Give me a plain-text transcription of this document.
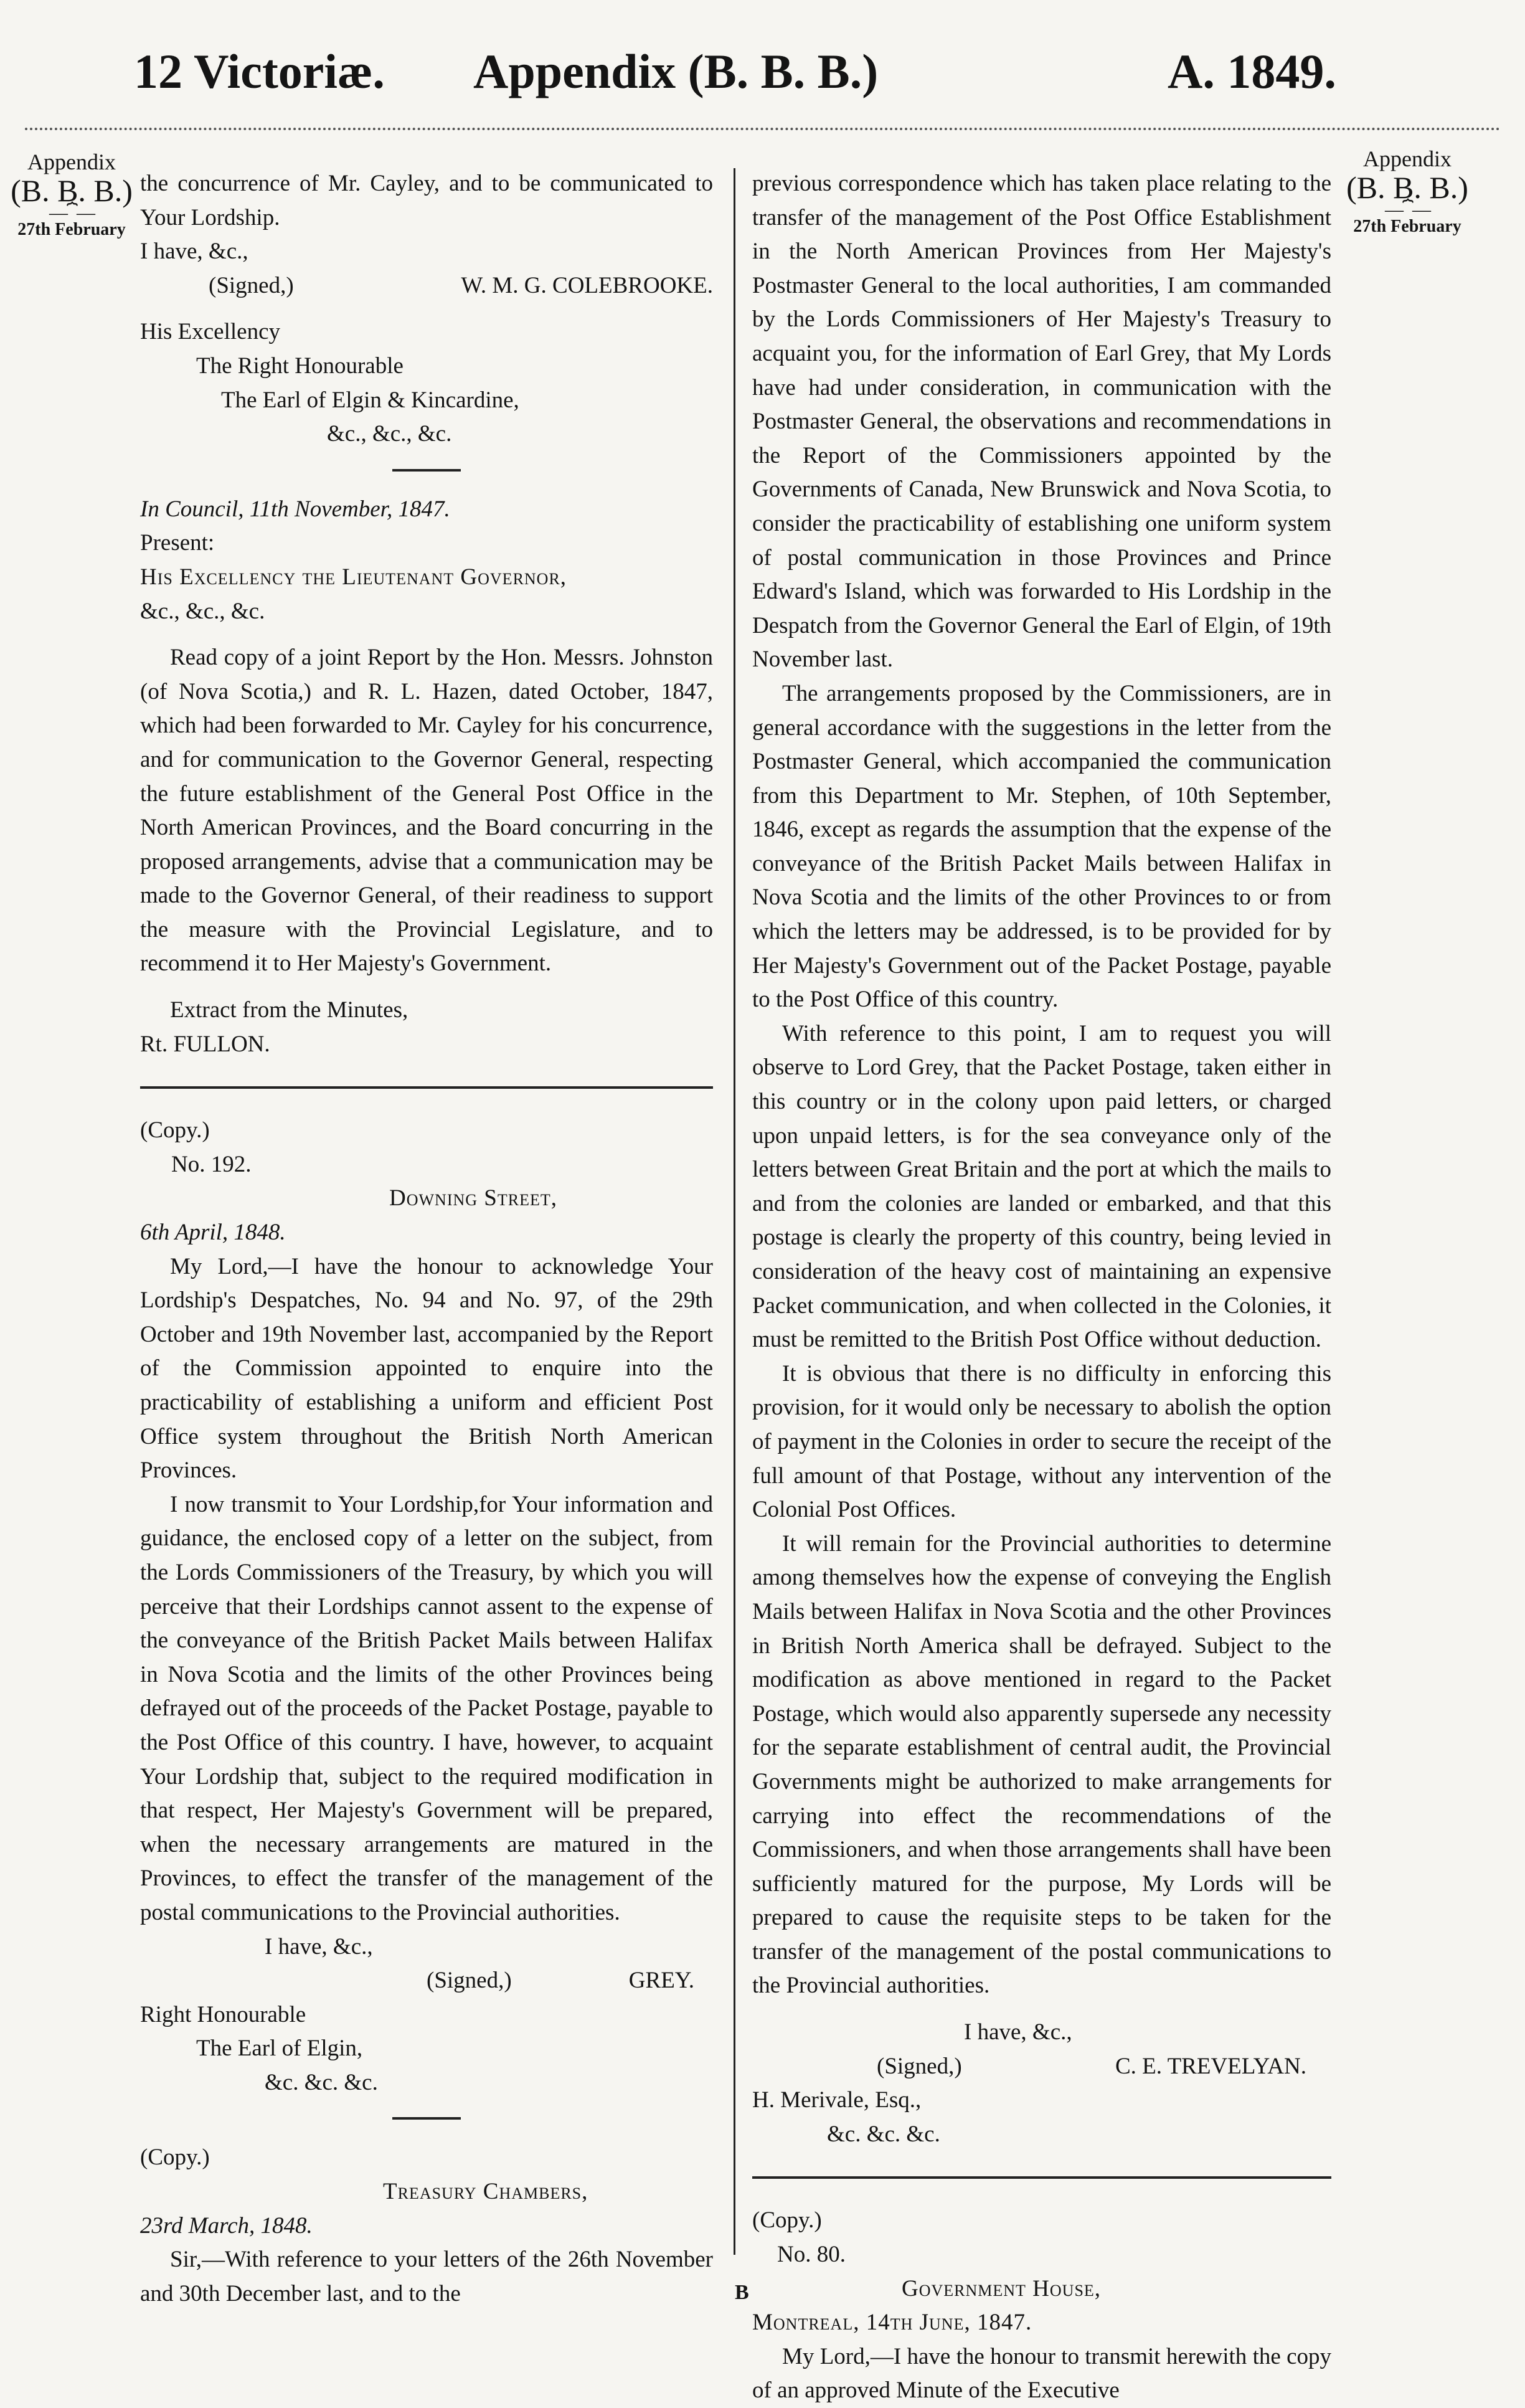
12 Victoriæ. Appendix (B. B. B.)	A. 1849.
Appendix
(B. B. B.)
—⏞—
27th February
Appendix
(B. B. B.)
—⏞—
27th February

the concurrence of Mr. Cayley, and to be communicated to Your Lordship.

I have, &c.,

(Signed,)	W. M. G. COLEBROOKE.

His Excellency

The Right Honourable

The Earl of Elgin & Kincardine,

&c., &c., &c.

In Council, 11th November, 1847.

Present:

His Excellency the Lieutenant Governor,

&c., &c., &c.

Read copy of a joint Report by the Hon. Messrs. Johnston (of Nova Scotia,) and R. L. Hazen, dated October, 1847, which had been forwarded to Mr. Cayley for his concurrence, and for communication to the Governor General, respecting the future establishment of the General Post Office in the North American Provinces, and the Board concurring in the proposed arrangements, advise that a communication may be made to the Governor General, of their readiness to support the measure with the Provincial Legislature, and to recommend it to Her Majesty's Government.

Extract from the Minutes,

Rt. FULLON.

(Copy.)

No. 192.

Downing Street,

6th April, 1848.

My Lord,—I have the honour to acknowledge Your Lordship's Despatches, No. 94 and No. 97, of the 29th October and 19th November last, accompanied by the Report of the Commission appointed to enquire into the practicability of establishing a uniform and efficient Post Office system throughout the British North American Provinces.

I now transmit to Your Lordship,for Your information and guidance, the enclosed copy of a letter on the subject, from the Lords Commissioners of the Treasury, by which you will perceive that their Lordships cannot assent to the expense of the conveyance of the British Packet Mails between Halifax in Nova Scotia and the limits of the other Provinces being defrayed out of the proceeds of the Packet Postage, payable to the Post Office of this country. I have, however, to acquaint Your Lordship that, subject to the required modification in that respect, Her Majesty's Government will be prepared, when the necessary arrangements are matured in the Provinces, to effect the transfer of the management of the postal communications to the Provincial authorities.

I have, &c.,

(Signed,)	GREY.

Right Honourable

The Earl of Elgin,

&c. &c. &c.

(Copy.)

Treasury Chambers,

23rd March, 1848.

Sir,—With reference to your letters of the 26th November and 30th December last, and to the

previous correspondence which has taken place relating to the transfer of the management of the Post Office Establishment in the North American Provinces from Her Majesty's Postmaster General to the local authorities, I am commanded by the Lords Commissioners of Her Majesty's Treasury to acquaint you, for the information of Earl Grey, that My Lords have had under consideration, in communication with the Postmaster General, the observations and recommendations in the Report of the Commissioners appointed by the Governments of Canada, New Brunswick and Nova Scotia, to consider the practicability of establishing one uniform system of postal communication in those Provinces and Prince Edward's Island, which was forwarded to His Lordship in the Despatch from the Governor General the Earl of Elgin, of 19th November last.

The arrangements proposed by the Commissioners, are in general accordance with the suggestions in the letter from the Postmaster General, which accompanied the communication from this Department to Mr. Stephen, of 10th September, 1846, except as regards the assumption that the expense of the conveyance of the British Packet Mails between Halifax in Nova Scotia and the limits of the other Provinces to or from which the letters may be addressed, is to be provided for by Her Majesty's Government out of the Packet Postage, payable to the Post Office of this country.

With reference to this point, I am to request you will observe to Lord Grey, that the Packet Postage, taken either in this country or in the colony upon paid letters, or charged upon unpaid letters, is for the sea conveyance only of the letters between Great Britain and the port at which the mails to and from the colonies are landed or embarked, and that this postage is clearly the property of this country, being levied in consideration of the heavy cost of maintaining an expensive Packet communication, and when collected in the Colonies, it must be remitted to the British Post Office without deduction.

It is obvious that there is no difficulty in enforcing this provision, for it would only be necessary to abolish the option of payment in the Colonies in order to secure the receipt of the full amount of that Postage, without any intervention of the Colonial Post Offices.

It will remain for the Provincial authorities to determine among themselves how the expense of conveying the English Mails between Halifax in Nova Scotia and the other Provinces in British North America shall be defrayed. Subject to the modification as above mentioned in regard to the Packet Postage, which would also apparently supersede any necessity for the separate establishment of central audit, the Provincial Governments might be authorized to make arrangements for carrying into effect the recommendations of the Commissioners, and when those arrangements shall have been sufficiently matured for the purpose, My Lords will be prepared to cause the requisite steps to be taken for the transfer of the management of the postal communications to the Provincial authorities.

I have, &c.,

(Signed,)	C. E. TREVELYAN.

H. Merivale, Esq.,

&c. &c. &c.

(Copy.)

No. 80.

Government House,

Montreal, 14th June, 1847.

My Lord,—I have the honour to transmit herewith the copy of an approved Minute of the Executive

B
